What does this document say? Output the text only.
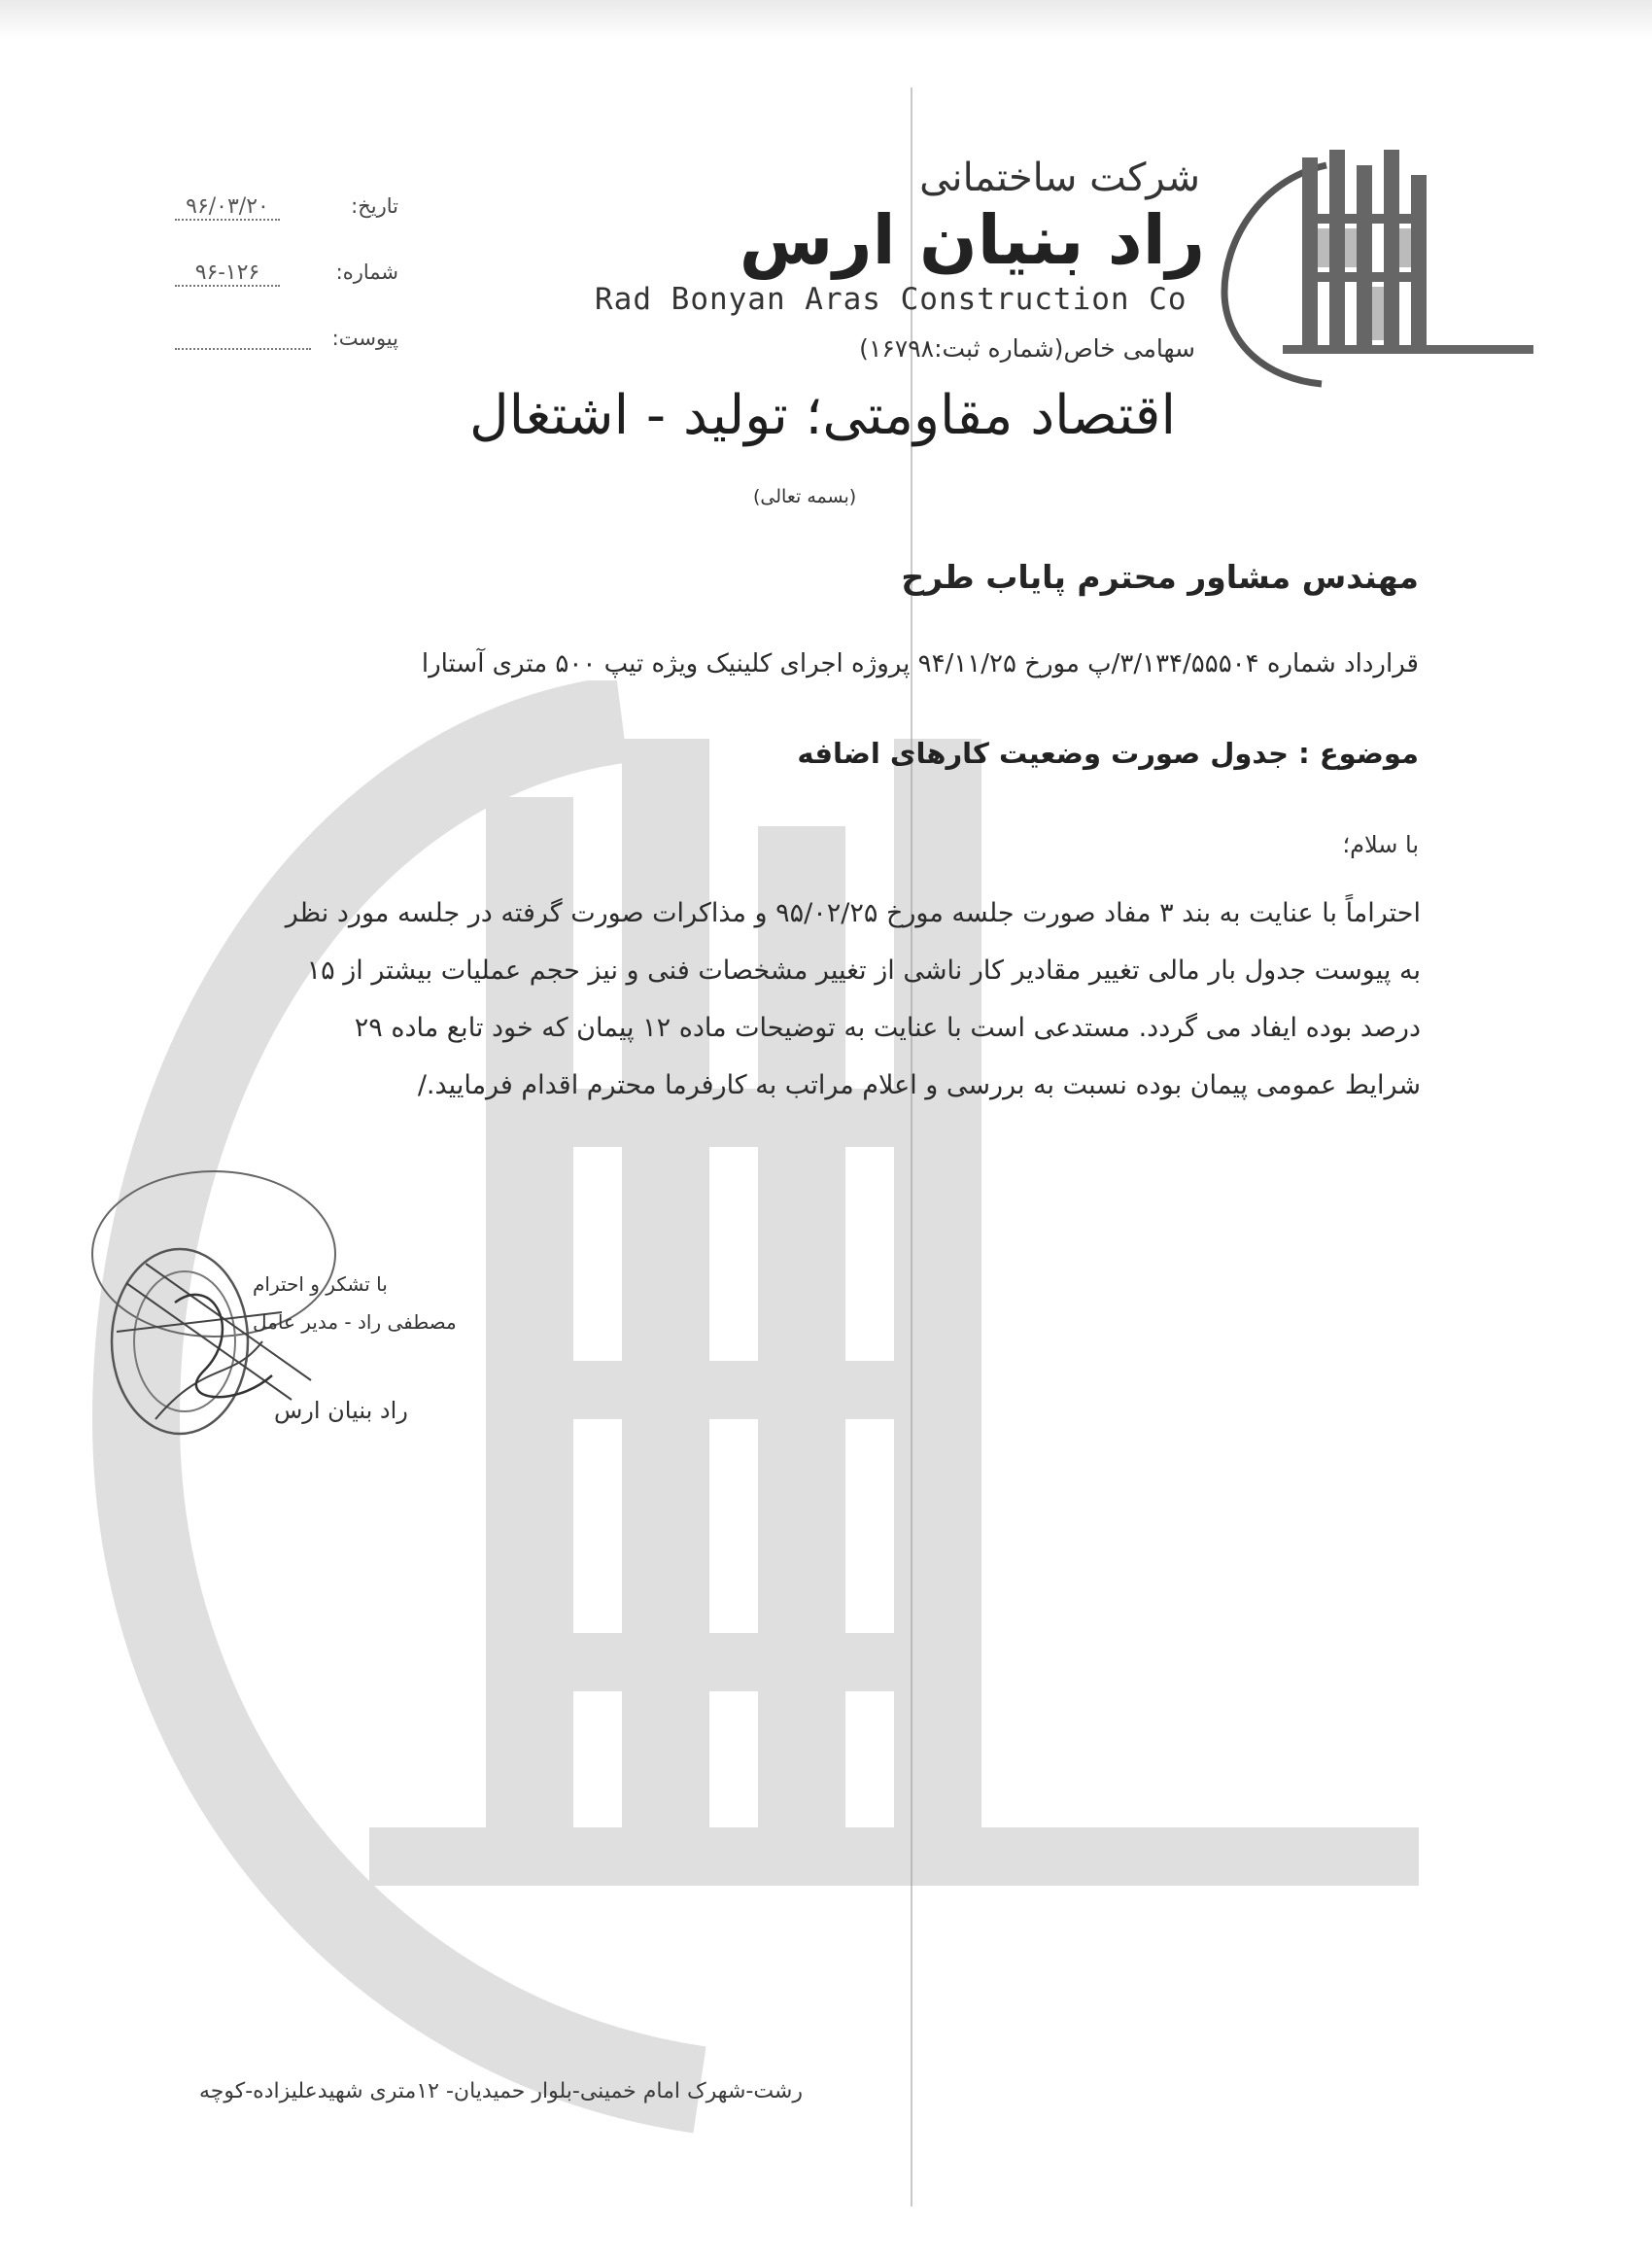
شرکت ساختمانی
راد بنیان ارس
Rad Bonyan Aras Construction Co
سهامی خاص(شماره ثبت:۱۶۷۹۸)
تاریخ:
۹۶/۰۳/۲۰
شماره:
۹۶-۱۲۶
پیوست:
اقتصاد مقاومتی؛ تولید - اشتغال
(بسمه تعالی)
مهندس مشاور محترم پایاب طرح
قرارداد شماره ۳/۱۳۴/۵۵۵۰۴/پ مورخ ۹۴/۱۱/۲۵ پروژه اجرای کلینیک ویژه تیپ ۵۰۰ متری آستارا
موضوع : جدول صورت وضعیت کارهای اضافه
با سلام؛

احتراماً با عنایت به بند ۳ مفاد صورت جلسه مورخ ۹۵/۰۲/۲۵ و مذاکرات صورت گرفته در جلسه مورد نظر

به پیوست جدول بار مالی تغییر مقادیر کار ناشی از تغییر مشخصات فنی و نیز حجم عملیات بیشتر از ۱۵

درصد بوده ایفاد می گردد. مستدعی است با عنایت به توضیحات ماده ۱۲ پیمان که خود تابع ماده ۲۹

شرایط عمومی پیمان بوده نسبت به بررسی و اعلام مراتب به کارفرما محترم اقدام فرمایید./

با تشکر و احترام
مصطفی راد - مدیر عامل
راد بنیان ارس
رشت-شهرک امام خمینی-بلوار حمیدیان- ۱۲متری شهیدعلیزاده-کوچه
